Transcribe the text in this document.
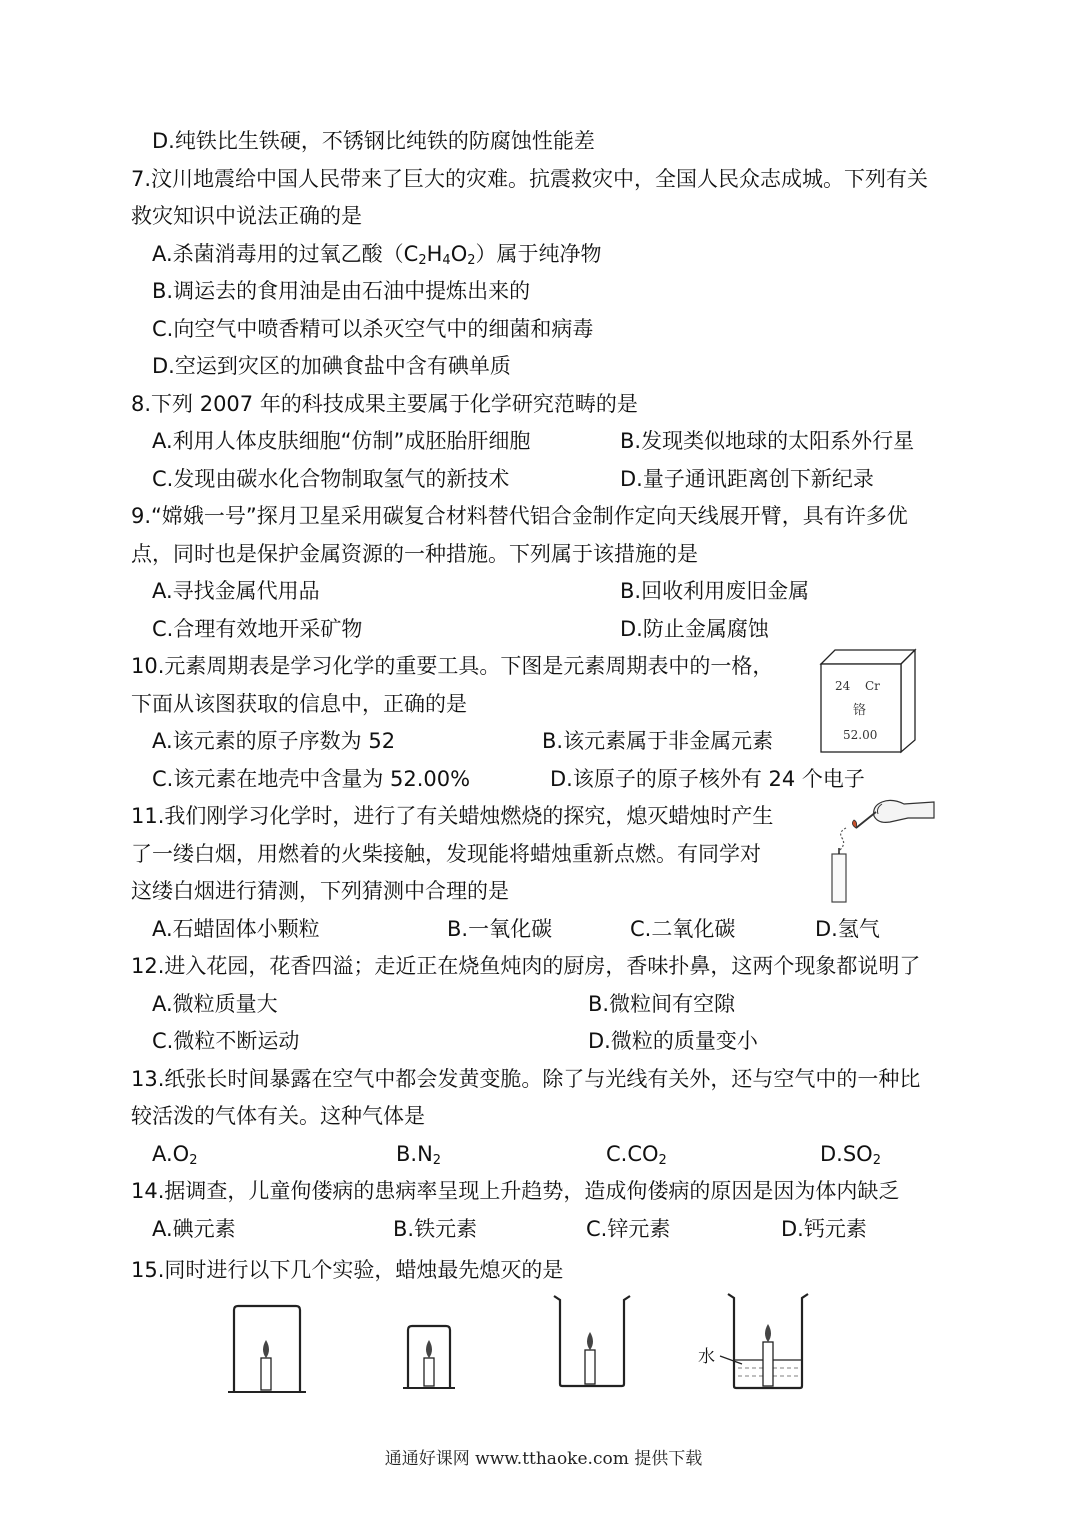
D.纯铁比生铁硬，不锈钢比纯铁的防腐蚀性能差
7.汶川地震给中国人民带来了巨大的灾难。抗震救灾中，全国人民众志成城。下列有关
救灾知识中说法正确的是
A.杀菌消毒用的过氧乙酸$(C_2H_4O_2)$属于纯净物
B.调运去的食用油是由石油中提炼出来的
C.向空气中喷香精可以杀灭空气中的细菌和病毒
D.空运到灾区的加碘食盐中含有碘单质
8.下列 2007 年的科技成果主要属于化学研究范畴的是
A.利用人体皮肤细胞“仿制”成胚胎肝细胞	B.发现类似地球的太阳系外行星
C.发现由碳水化合物制取氢气的新技术	D.量子通讯距离创下新纪录
9.“嫦娥一号”探月卫星采用碳复合材料替代铝合金制作定向天线展开臂，具有许多优
点，同时也是保护金属资源的一种措施。下列属于该措施的是
A.寻找金属代用品	B.回收利用废旧金属
C.合理有效地开采矿物	D.防止金属腐蚀
10.元素周期表是学习化学的重要工具。下图是元素周期表中的一格，
下面从该图获取的信息中，正确的是
A.该元素的原子序数为 52	B.该元素属于非金属元素
C.该元素在地壳中含量为 52.00%	D.该原子的原子核外有 24 个电子
24 Cr
铬
52.00
11.我们刚学习化学时，进行了有关蜡烛燃烧的探究，熄灭蜡烛时产生
了一缕白烟，用燃着的火柴接触，发现能将蜡烛重新点燃。有同学对
这缕白烟进行猜测，下列猜测中合理的是
A.石蜡固体小颗粒	B.一氧化碳	C.二氧化碳	D.氢气
12.进入花园，花香四溢；走近正在烧鱼炖肉的厨房，香味扑鼻，这两个现象都说明了
A.微粒质量大	B.微粒间有空隙
C.微粒不断运动	D.微粒的质量变小
13.纸张长时间暴露在空气中都会发黄变脆。除了与光线有关外，还与空气中的一种比
较活泼的气体有关。这种气体是
$A.O_2$	$B.N_2$	$C.CO_2$	$D.SO_2$
14.据调查，儿童佝偻病的患病率呈现上升趋势，造成佝偻病的原因是因为体内缺乏
A.碘元素	B.铁元素	C.锌元素	D.钙元素
15.同时进行以下几个实验，蜡烛最先熄灭的是
水
通通好课网 www.tthaoke.com 提供下载
